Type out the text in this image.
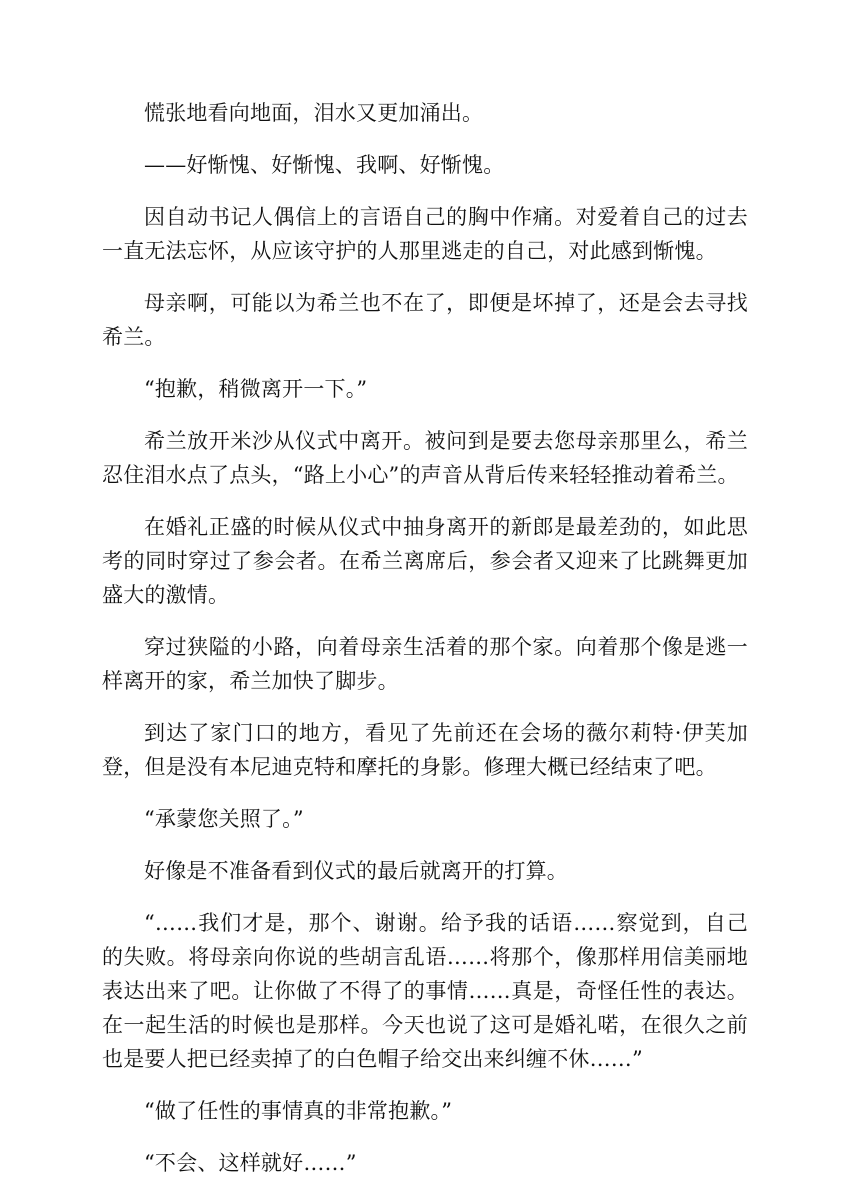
慌张地看向地面，泪水又更加涌出。

——好惭愧、好惭愧、我啊、好惭愧。

因自动书记人偶信上的言语自己的胸中作痛。对爱着自己的过去一直无法忘怀，从应该守护的人那里逃走的自己，对此感到惭愧。

母亲啊，可能以为希兰也不在了，即便是坏掉了，还是会去寻找希兰。

“抱歉，稍微离开一下。”

希兰放开米沙从仪式中离开。被问到是要去您母亲那里么，希兰忍住泪水点了点头，“路上小心”的声音从背后传来轻轻推动着希兰。

在婚礼正盛的时候从仪式中抽身离开的新郎是最差劲的，如此思考的同时穿过了参会者。在希兰离席后，参会者又迎来了比跳舞更加盛大的激情。

穿过狭隘的小路，向着母亲生活着的那个家。向着那个像是逃一样离开的家，希兰加快了脚步。

到达了家门口的地方，看见了先前还在会场的薇尔莉特·伊芙加登，但是没有本尼迪克特和摩托的身影。修理大概已经结束了吧。

“承蒙您关照了。”

好像是不准备看到仪式的最后就离开的打算。

“……我们才是，那个、谢谢。给予我的话语……察觉到，自己的失败。将母亲向你说的些胡言乱语……将那个，像那样用信美丽地表达出来了吧。让你做了不得了的事情……真是，奇怪任性的表达。在一起生活的时候也是那样。今天也说了这可是婚礼喏，在很久之前也是要人把已经卖掉了的白色帽子给交出来纠缠不休……”

“做了任性的事情真的非常抱歉。”

“不会、这样就好……”
